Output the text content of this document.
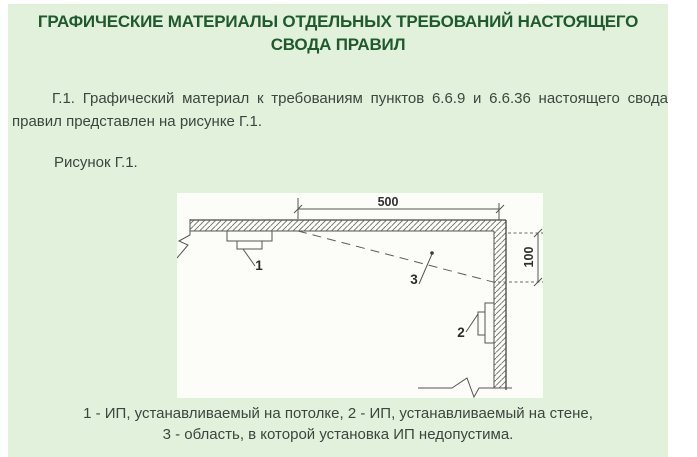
ГРАФИЧЕСКИЕ МАТЕРИАЛЫ ОТДЕЛЬНЫХ ТРЕБОВАНИЙ НАСТОЯЩЕГО
СВОДА ПРАВИЛ

Г.1. Графический материал к требованиям пунктов 6.6.9 и 6.6.36 настоящего свода правил представлен на рисунке Г.1.

Рисунок Г.1.
1
2
3
500
100
1 - ИП, устанавливаемый на потолке, 2 - ИП, устанавливаемый на стене,
3 - область, в которой установка ИП недопустима.
